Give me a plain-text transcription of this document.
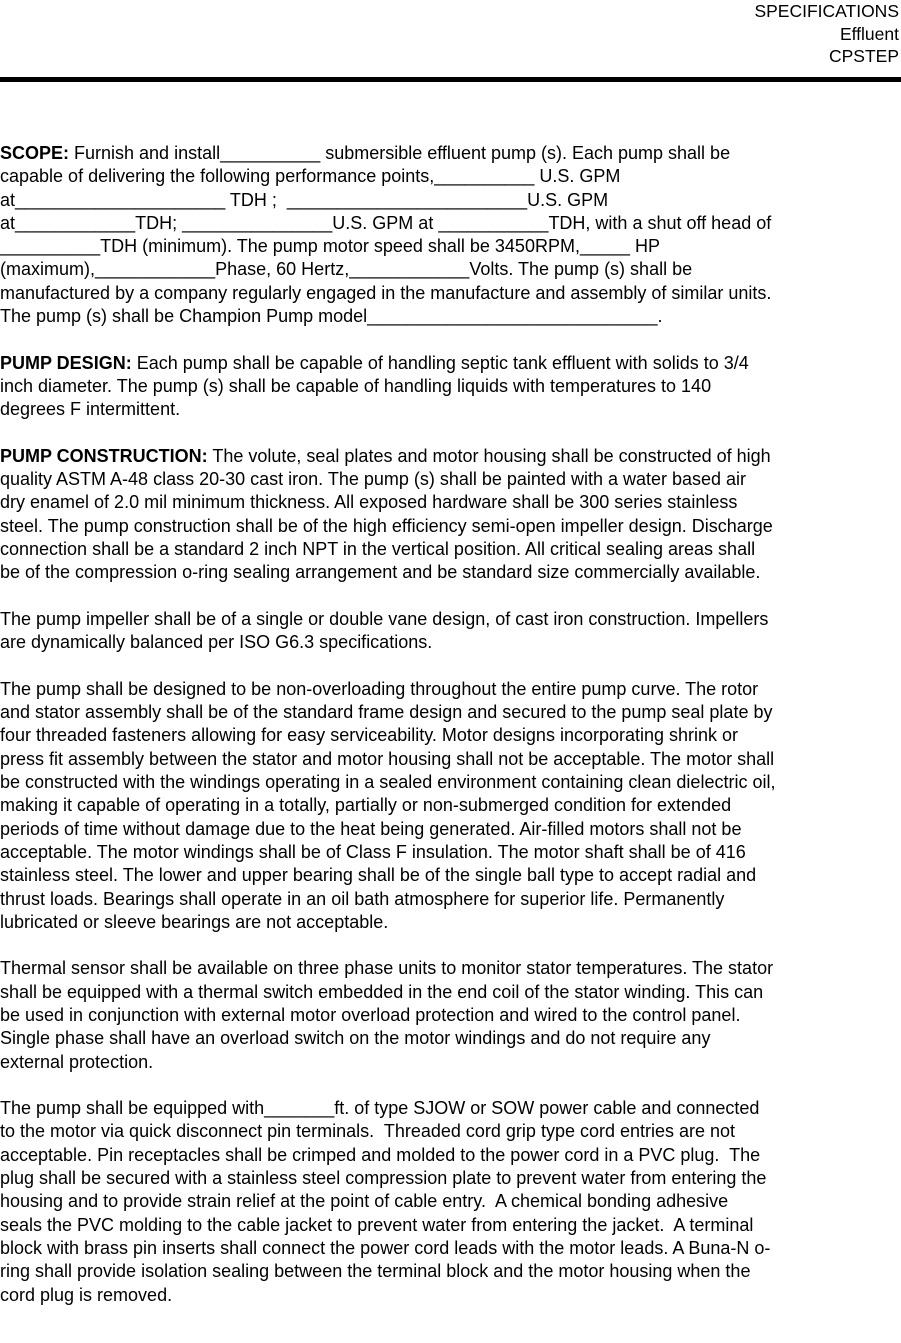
SPECIFICATIONS
Effluent
CPSTEP
SCOPE: Furnish and install__________ submersible effluent pump (s). Each pump shall be
capable of delivering the following performance points,__________ U.S. GPM
at_____________________ TDH ;  ________________________U.S. GPM
at____________TDH; _______________U.S. GPM at ___________TDH, with a shut off head of
__________TDH (minimum). The pump motor speed shall be 3450RPM,_____ HP
(maximum),____________Phase, 60 Hertz,____________Volts. The pump (s) shall be
manufactured by a company regularly engaged in the manufacture and assembly of similar units.
The pump (s) shall be Champion Pump model_____________________________.
PUMP DESIGN: Each pump shall be capable of handling septic tank effluent with solids to 3/4
inch diameter. The pump (s) shall be capable of handling liquids with temperatures to 140
degrees F intermittent.
PUMP CONSTRUCTION: The volute, seal plates and motor housing shall be constructed of high
quality ASTM A-48 class 20-30 cast iron. The pump (s) shall be painted with a water based air
dry enamel of 2.0 mil minimum thickness. All exposed hardware shall be 300 series stainless
steel. The pump construction shall be of the high efficiency semi-open impeller design. Discharge
connection shall be a standard 2 inch NPT in the vertical position. All critical sealing areas shall
be of the compression o-ring sealing arrangement and be standard size commercially available.
The pump impeller shall be of a single or double vane design, of cast iron construction. Impellers
are dynamically balanced per ISO G6.3 specifications.
The pump shall be designed to be non-overloading throughout the entire pump curve. The rotor
and stator assembly shall be of the standard frame design and secured to the pump seal plate by
four threaded fasteners allowing for easy serviceability. Motor designs incorporating shrink or
press fit assembly between the stator and motor housing shall not be acceptable. The motor shall
be constructed with the windings operating in a sealed environment containing clean dielectric oil,
making it capable of operating in a totally, partially or non-submerged condition for extended
periods of time without damage due to the heat being generated. Air-filled motors shall not be
acceptable. The motor windings shall be of Class F insulation. The motor shaft shall be of 416
stainless steel. The lower and upper bearing shall be of the single ball type to accept radial and
thrust loads. Bearings shall operate in an oil bath atmosphere for superior life. Permanently
lubricated or sleeve bearings are not acceptable.
Thermal sensor shall be available on three phase units to monitor stator temperatures. The stator
shall be equipped with a thermal switch embedded in the end coil of the stator winding. This can
be used in conjunction with external motor overload protection and wired to the control panel.
Single phase shall have an overload switch on the motor windings and do not require any
external protection.
The pump shall be equipped with_______ft. of type SJOW or SOW power cable and connected
to the motor via quick disconnect pin terminals.  Threaded cord grip type cord entries are not
acceptable. Pin receptacles shall be crimped and molded to the power cord in a PVC plug.  The
plug shall be secured with a stainless steel compression plate to prevent water from entering the
housing and to provide strain relief at the point of cable entry.  A chemical bonding adhesive
seals the PVC molding to the cable jacket to prevent water from entering the jacket.  A terminal
block with brass pin inserts shall connect the power cord leads with the motor leads. A Buna-N o-
ring shall provide isolation sealing between the terminal block and the motor housing when the
cord plug is removed.
